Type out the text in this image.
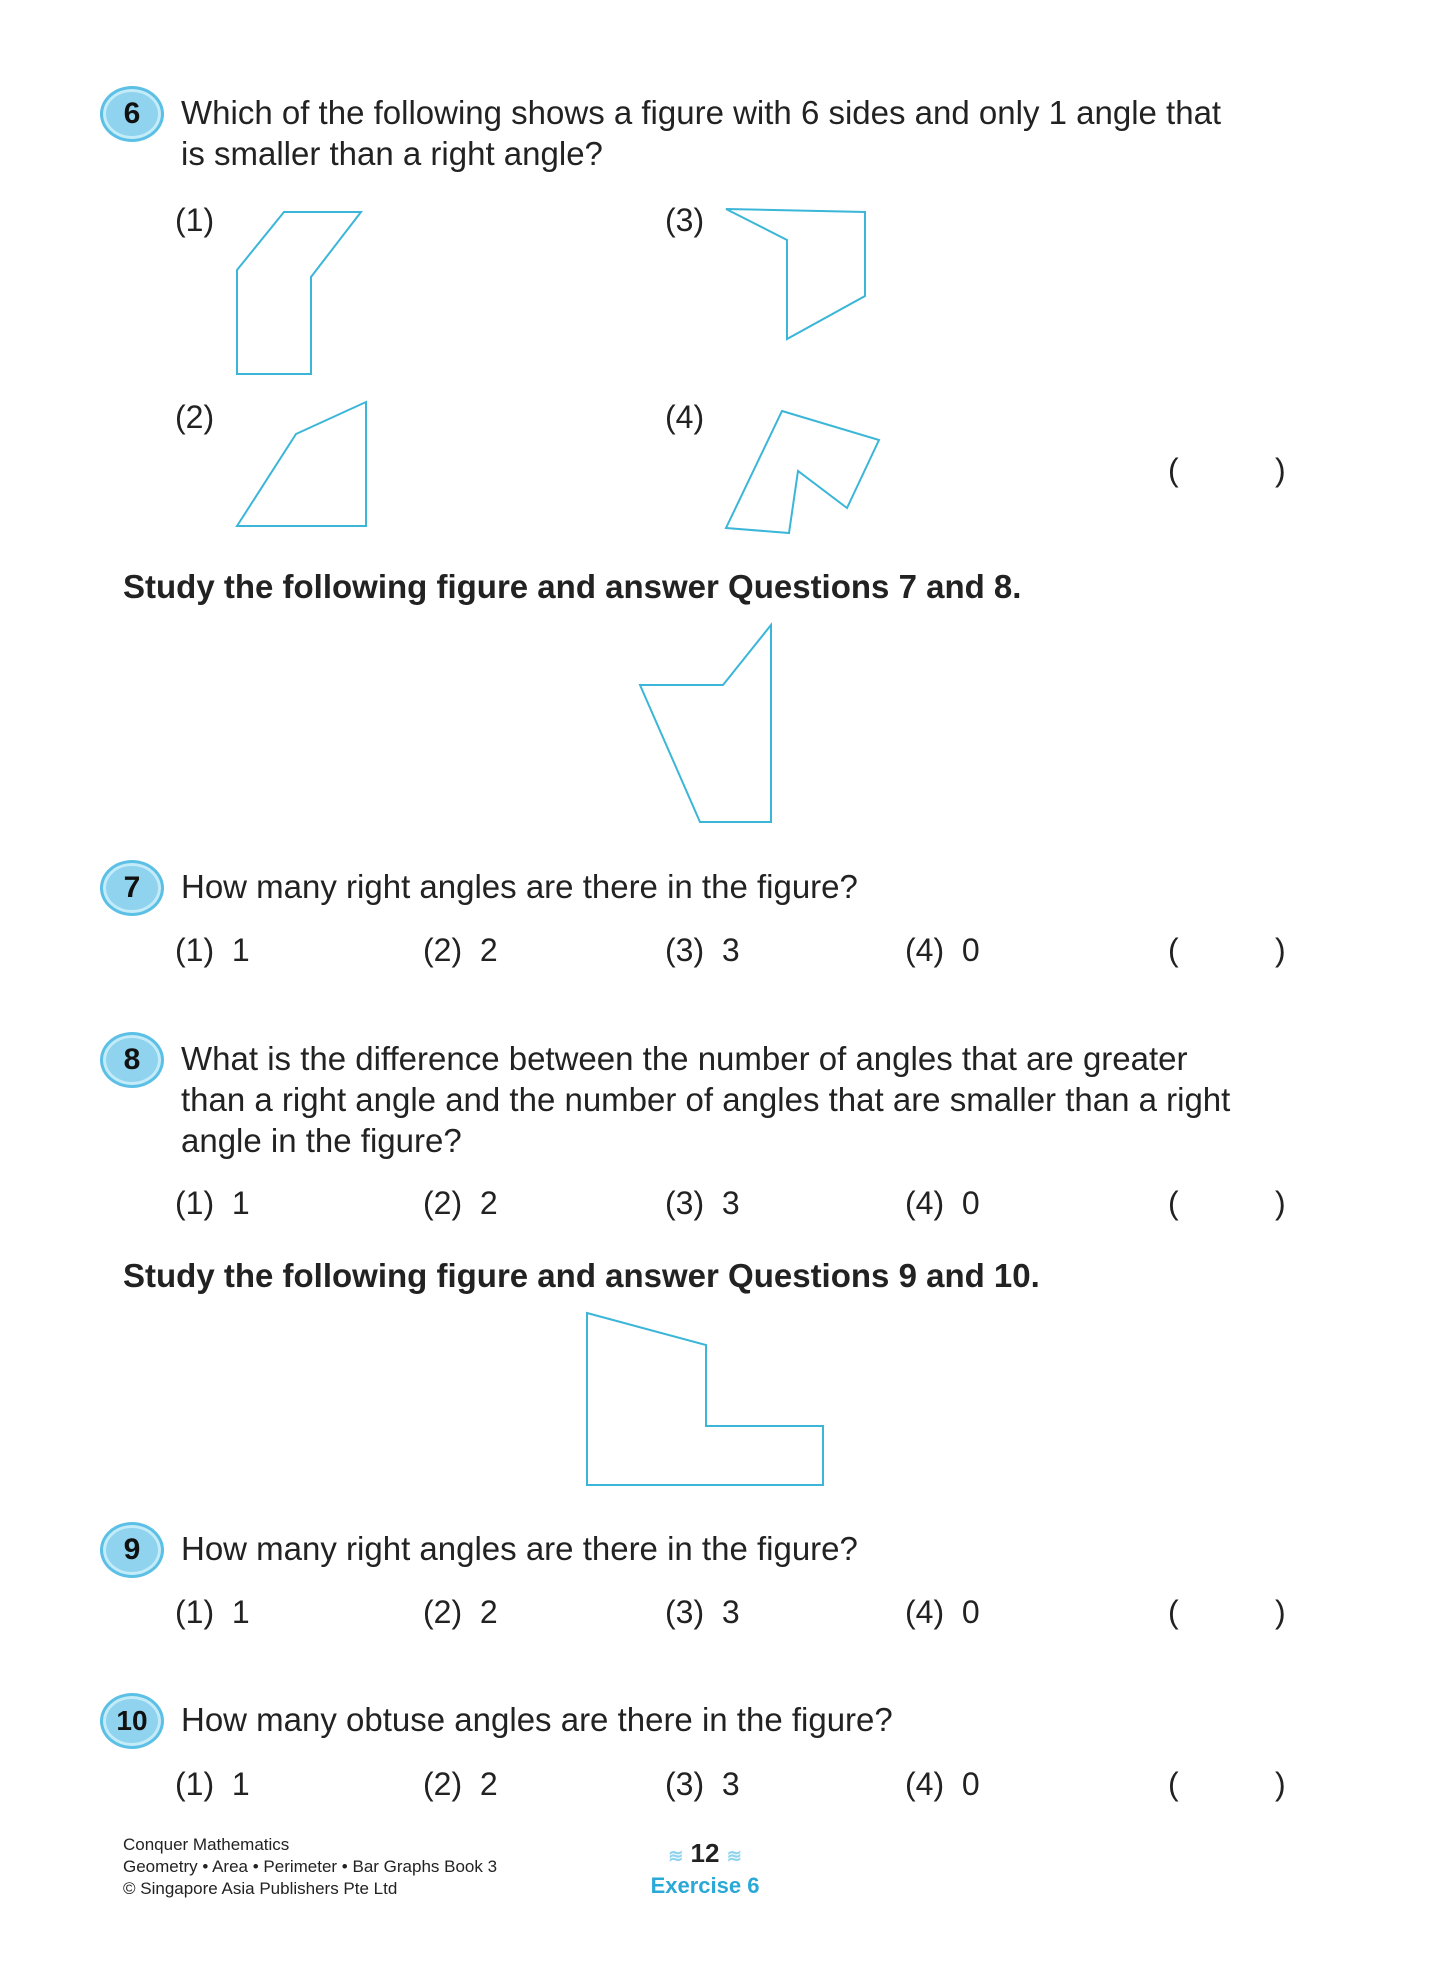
6	Which of the following shows a figure with 6 sides and only 1 angle that
is smaller than a right angle?
(1)
(2)
(3)
(4)
(	)
Study the following figure and answer Questions 7 and 8.
7	How many right angles are there in the figure?
(1) 1	(2) 2	(3) 3	(4) 0	(	)
8	What is the difference between the number of angles that are greater
than a right angle and the number of angles that are smaller than a right
angle in the figure?
(1) 1	(2) 2	(3) 3	(4) 0	(	)
Study the following figure and answer Questions 9 and 10.
9	How many right angles are there in the figure?
(1) 1	(2) 2	(3) 3	(4) 0	(	)
10	How many obtuse angles are there in the figure?
(1) 1	(2) 2	(3) 3	(4) 0	(	)
Conquer Mathematics
Geometry • Area • Perimeter • Bar Graphs Book 3
© Singapore Asia Publishers Pte Ltd
≋ 12 ≋
Exercise 6
